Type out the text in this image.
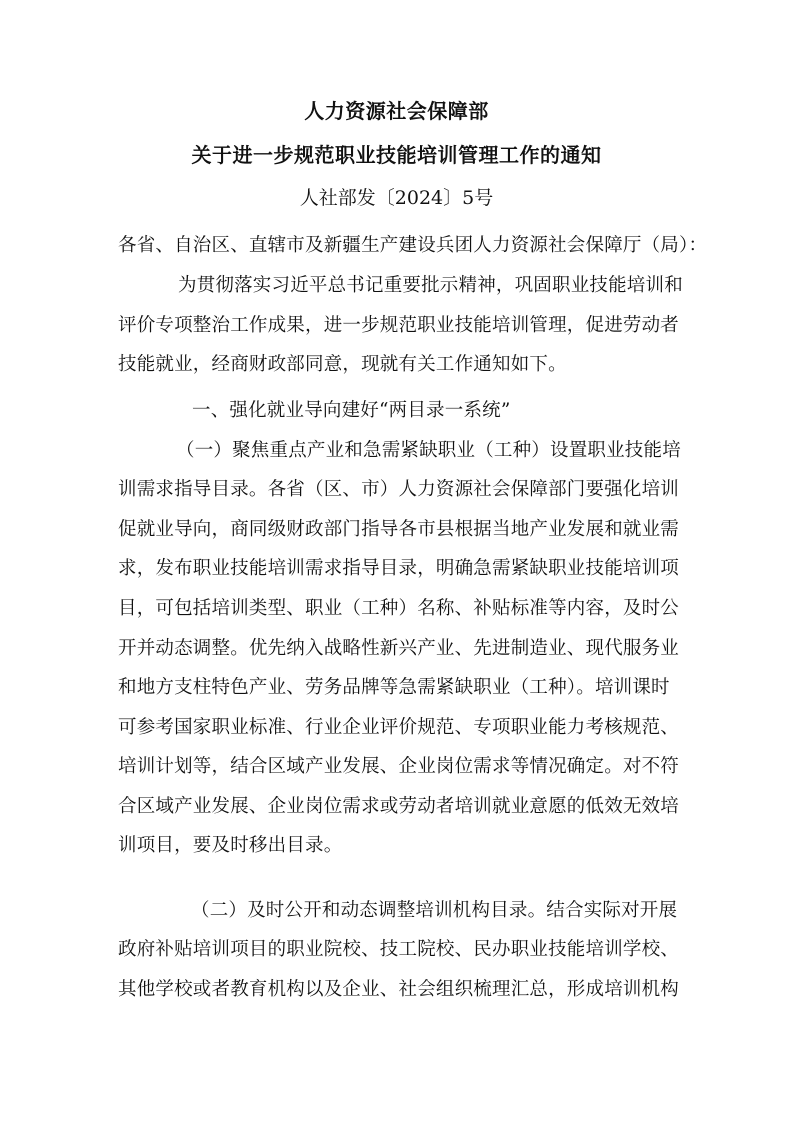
人力资源社会保障部
关于进一步规范职业技能培训管理工作的通知
人社部发〔2024〕5号
各省、自治区、直辖市及新疆生产建设兵团人力资源社会保障厅（局）：
为贯彻落实习近平总书记重要批示精神，巩固职业技能培训和
评价专项整治工作成果，进一步规范职业技能培训管理，促进劳动者
技能就业，经商财政部同意，现就有关工作通知如下。
一、强化就业导向建好“两目录一系统”
（一）聚焦重点产业和急需紧缺职业（工种）设置职业技能培
训需求指导目录。各省（区、市）人力资源社会保障部门要强化培训
促就业导向，商同级财政部门指导各市县根据当地产业发展和就业需
求，发布职业技能培训需求指导目录，明确急需紧缺职业技能培训项
目，可包括培训类型、职业（工种）名称、补贴标准等内容，及时公
开并动态调整。优先纳入战略性新兴产业、先进制造业、现代服务业
和地方支柱特色产业、劳务品牌等急需紧缺职业（工种）。培训课时
可参考国家职业标准、行业企业评价规范、专项职业能力考核规范、
培训计划等，结合区域产业发展、企业岗位需求等情况确定。对不符
合区域产业发展、企业岗位需求或劳动者培训就业意愿的低效无效培
训项目，要及时移出目录。
（二）及时公开和动态调整培训机构目录。结合实际对开展
政府补贴培训项目的职业院校、技工院校、民办职业技能培训学校、
其他学校或者教育机构以及企业、社会组织梳理汇总，形成培训机构
